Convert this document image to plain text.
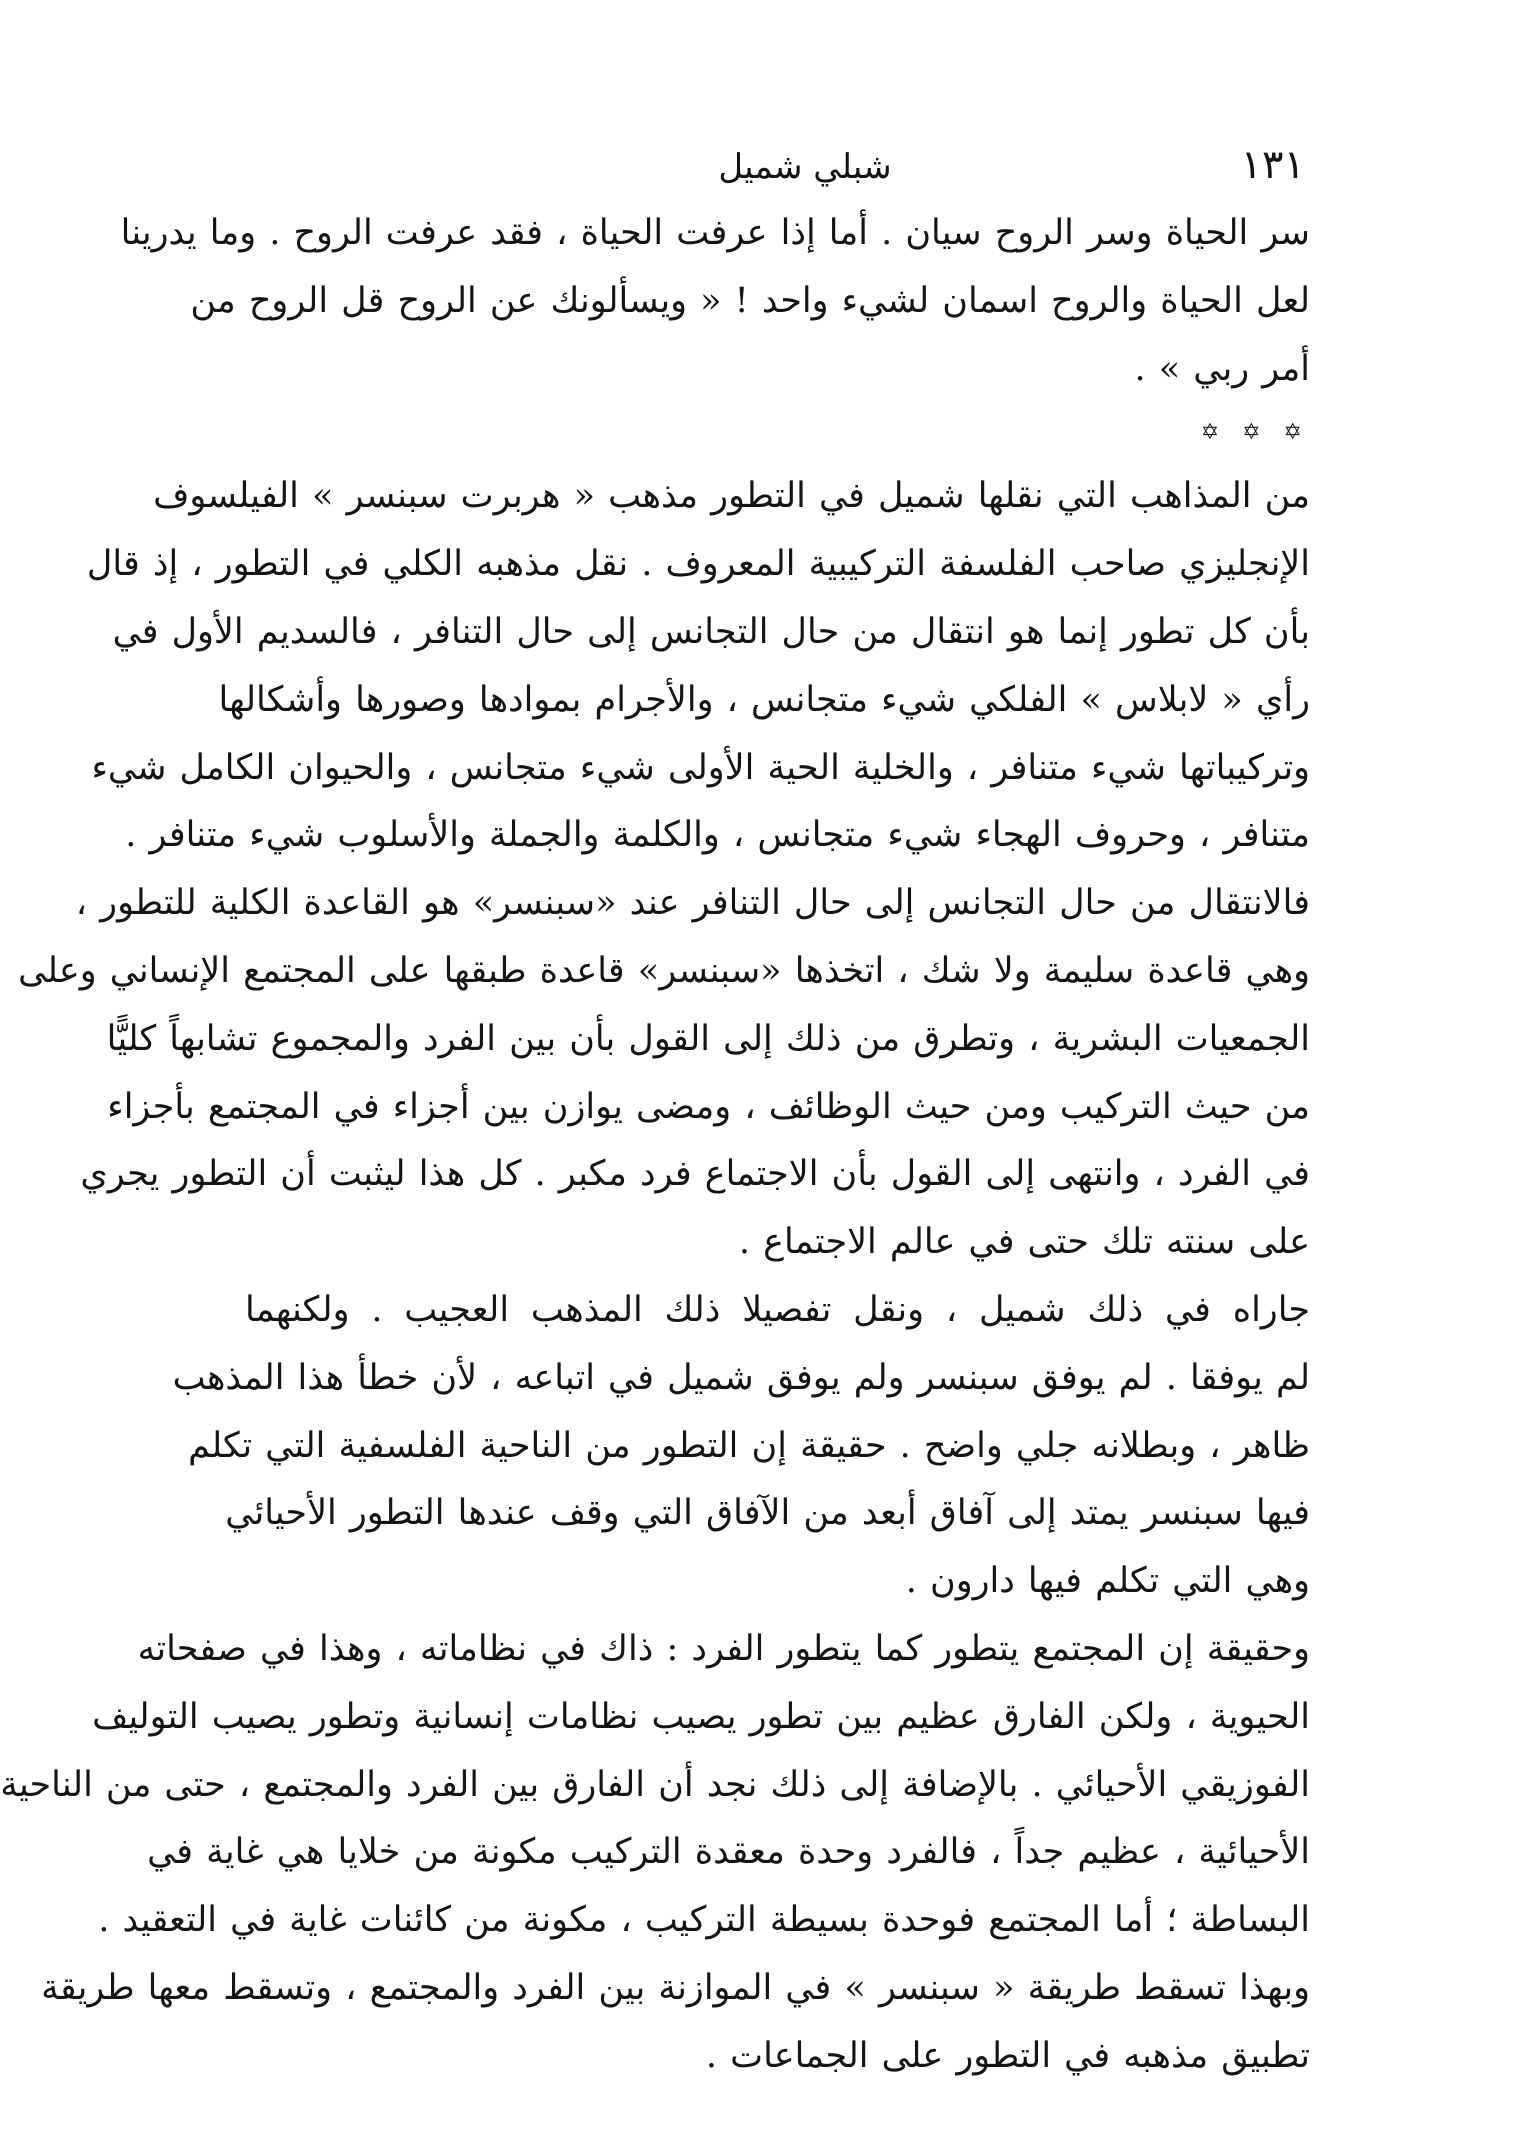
١٣١
شبلي شميل
سر الحياة وسر الروح سيان . أما إذا عرفت الحياة ، فقد عرفت الروح . وما يدرينا
لعل الحياة والروح اسمان لشيء واحد ! « ويسألونك عن الروح قل الروح من
أمر ربي » .
✡ ✡ ✡
من المذاهب التي نقلها شميل في التطور مذهب « هربرت سبنسر » الفيلسوف
الإنجليزي صاحب الفلسفة التركيبية المعروف . نقل مذهبه الكلي في التطور ، إذ قال
بأن كل تطور إنما هو انتقال من حال التجانس إلى حال التنافر ، فالسديم الأول في
رأي « لابلاس » الفلكي شيء متجانس ، والأجرام بموادها وصورها وأشكالها
وتركيباتها شيء متنافر ، والخلية الحية الأولى شيء متجانس ، والحيوان الكامل شيء
متنافر ، وحروف الهجاء شيء متجانس ، والكلمة والجملة والأسلوب شيء متنافر .
فالانتقال من حال التجانس إلى حال التنافر عند «سبنسر» هو القاعدة الكلية للتطور ،
وهي قاعدة سليمة ولا شك ، اتخذها «سبنسر» قاعدة طبقها على المجتمع الإنساني وعلى
الجمعيات البشرية ، وتطرق من ذلك إلى القول بأن بين الفرد والمجموع تشابهاً كليًّا
من حيث التركيب ومن حيث الوظائف ، ومضى يوازن بين أجزاء في المجتمع بأجزاء
في الفرد ، وانتهى إلى القول بأن الاجتماع فرد مكبر . كل هذا ليثبت أن التطور يجري
على سنته تلك حتى في عالم الاجتماع .
جاراه في ذلك شميل ، ونقل تفصيلا ذلك المذهب العجيب . ولكنهما
لم يوفقا . لم يوفق سبنسر ولم يوفق شميل في اتباعه ، لأن خطأ هذا المذهب
ظاهر ، وبطلانه جلي واضح . حقيقة إن التطور من الناحية الفلسفية التي تكلم
فيها سبنسر يمتد إلى آفاق أبعد من الآفاق التي وقف عندها التطور الأحيائي
وهي التي تكلم فيها دارون .
وحقيقة إن المجتمع يتطور كما يتطور الفرد : ذاك في نظاماته ، وهذا في صفحاته
الحيوية ، ولكن الفارق عظيم بين تطور يصيب نظامات إنسانية وتطور يصيب التوليف
الفوزيقي الأحيائي . بالإضافة إلى ذلك نجد أن الفارق بين الفرد والمجتمع ، حتى من الناحية
الأحيائية ، عظيم جداً ، فالفرد وحدة معقدة التركيب مكونة من خلايا هي غاية في
البساطة ؛ أما المجتمع فوحدة بسيطة التركيب ، مكونة من كائنات غاية في التعقيد .
وبهذا تسقط طريقة « سبنسر » في الموازنة بين الفرد والمجتمع ، وتسقط معها طريقة
تطبيق مذهبه في التطور على الجماعات .
